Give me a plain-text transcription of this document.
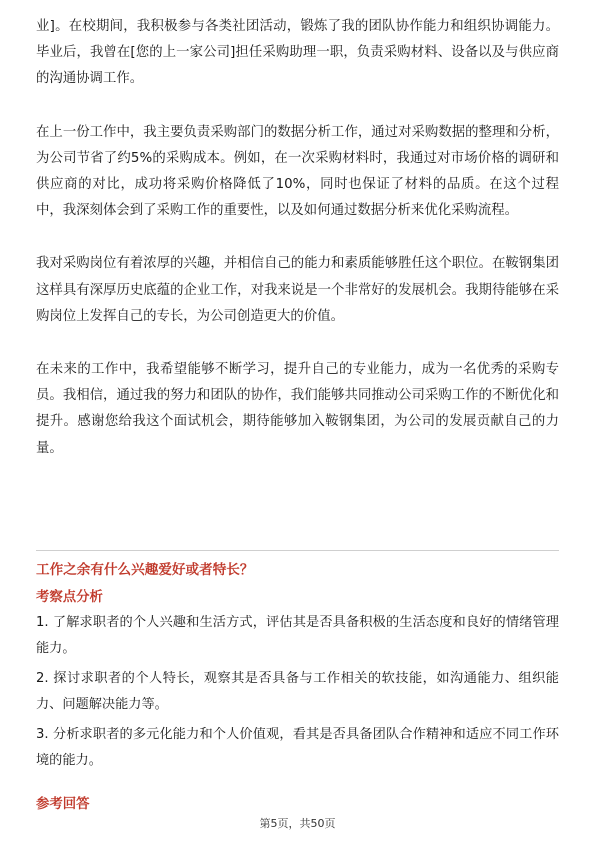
业]。在校期间，我积极参与各类社团活动，锻炼了我的团队协作能力和组织协调能力。毕业后，我曾在[您的上一家公司]担任采购助理一职，负责采购材料、设备以及与供应商的沟通协调工作。

在上一份工作中，我主要负责采购部门的数据分析工作，通过对采购数据的整理和分析，为公司节省了约5%的采购成本。例如，在一次采购材料时，我通过对市场价格的调研和供应商的对比，成功将采购价格降低了10%，同时也保证了材料的品质。在这个过程中，我深刻体会到了采购工作的重要性，以及如何通过数据分析来优化采购流程。

我对采购岗位有着浓厚的兴趣，并相信自己的能力和素质能够胜任这个职位。在鞍钢集团这样具有深厚历史底蕴的企业工作，对我来说是一个非常好的发展机会。我期待能够在采购岗位上发挥自己的专长，为公司创造更大的价值。

在未来的工作中，我希望能够不断学习，提升自己的专业能力，成为一名优秀的采购专员。我相信，通过我的努力和团队的协作，我们能够共同推动公司采购工作的不断优化和提升。感谢您给我这个面试机会，期待能够加入鞍钢集团，为公司的发展贡献自己的力量。

工作之余有什么兴趣爱好或者特长？

考察点分析

1. 了解求职者的个人兴趣和生活方式，评估其是否具备积极的生活态度和良好的情绪管理能力。

2. 探讨求职者的个人特长，观察其是否具备与工作相关的软技能，如沟通能力、组织能力、问题解决能力等。

3. 分析求职者的多元化能力和个人价值观，看其是否具备团队合作精神和适应不同工作环境的能力。

参考回答

第5页，共50页
